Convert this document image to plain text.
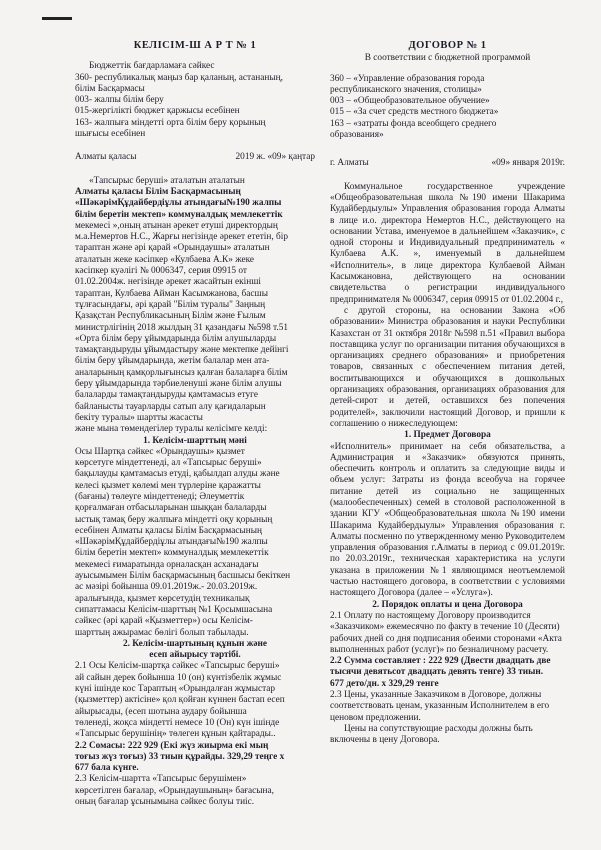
КЕЛІСІМ-Ш А Р Т № 1
Бюджеттік бағдарламаға сәйкес
360- республикалық маңыз бар қаланың, астананың,
білім Басқармасы
003- жалпы білім беру
015-жергілікті бюджет қаржысы есебінен
163- жалпыға міндетті орта білім беру қорының
шығысы есебінен
Алматы қаласы	2019 ж. «09» қаңтар
«Тапсырыс беруші» аталатын аталатын
Алматы қаласы Білім Басқармасының
«ШәкәрімҚұдайбердіұлы атындағы№190 жалпы
білім беретін мектеп» коммуналдық мемлекеттік
мекемесі »,оның атынан әрекет етуші директордың
м.а.Немертов Н.С., Жарғы негізінде әрекет ететін, бір
тараптан және әрі қарай «Орындаушы» аталатын
аталатын жеке кәсіпкер «Кулбаева А.К» жеке
кәсіпкер куәлігі № 0006347, серия 09915 от
01.02.2004ж. негізінде әрекет жасайтын екінші
тараптан, Кулбаева Айман Касымжанова, басшы
тұлғасындағы, әрі қарай "Білім туралы" Заңның
Қазақстан Республикасының Білім және Ғылым
министрлігінің 2018 жылдың 31 қазандағы №598 т.51
«Орта білім беру ұйымдарында білім алушыларды
тамақтандыруды ұйымдастыру және мектепке дейінгі
білім беру ұйымдарында, жетім балалар мен ата-
аналарының қамқорлығынсыз қалған балаларға білім
беру ұйымдарында тәрбиеленуші және білім алушы
балаларды тамақтандыруды қамтамасыз етуге
байланысты тауарларды сатып алу қағидаларын
бекіту туралы» шартты жасасты
және мына төмендегілер туралы келісімге келді:
1. Келісім-шарттың мәні
Осы Шартқа сәйкес «Орындаушы» қызмет
көрсетуге міндеттенеді, ал «Тапсырыс беруші»
бақылауды қамтамасыз етуді, қабылдап алуды және
келесі қызмет көлемі мен түрлеріне қаражатты
(бағаны) төлеуге міндеттенеді; Әлеуметтік
қорғалмаған отбасыларынан шыққан балаларды
ыстық тамақ беру жалпыға міндетті оқу қорының
есебінен Алматы қаласы Білім Басқармасының
«ШәкәрімҚұдайбердіұлы атындағы№190 жалпы
білім беретін мектеп» коммуналдық мемлекеттік
мекемесі ғимаратында орналасқан асханадағы
ауысымымен Білім басқармасының басшысы бекіткен
ас мәзірі бойынша 09.01.2019ж.- 20.03.2019ж.
аралығында, қызмет көрсетудің техникалық
сипаттамасы Келісім-шарттың №1 Қосымшасына
сәйкес (әрі қарай «Қызметтер») осы Келісім-
шарттың ажырамас бөлігі болып табылады.
2. Келісім-шартының құнын және
есеп айырысу тәртібі.
2.1 Осы Келісім-шартқа сәйкес «Тапсырыс беруші»
ай сайын дерек бойынша 10 (он) күнтізбелік жұмыс
күні ішінде кос Тараптың «Орындалған жұмыстар
(қызметтер) актісіне» қол қойған күннен бастап есеп
айырысады, (есеп шотына аудару бойынша
төленеді, жоқса міндетті немесе 10 (Он) күн ішінде
«Тапсырыс берушінің» төлеген құнын қайтарады..
2.2 Сомасы: 222 929 (Екі жүз жиырма екі мың
тоғыз жүз тоғыз) 33 тиын құрайды. 329,29 теңге х
677 бала күнге.
2.3 Келісім-шартта «Тапсырыс берушімен»
көрсетілген бағалар, «Орындаушының» бағасына,
оның бағалар ұсынымына сәйкес болуы тиіс.
ДОГОВОР № 1
В соответствии с бюджетной программой
360 – «Управление образования города
республиканского значения, столицы»
003 – «Общеобразовательное обучение»
015 – «За счет средств местного бюджета»
163 – «затраты фонда всеобщего среднего
образования»
г. Алматы	«09» января 2019г.
Коммунальное государственное учреждение «Общеобразовательная школа №190 имени Шакарима Кудайбердыулы» Управления образования города Алматы в лице и.о. директора Немертов Н.С., действующего на основании Устава, именуемое в дальнейшем «Заказчик», с одной стороны и Индивидуальный предприниматель « Кулбаева А.К. », именуемый в дальнейшем «Исполнитель», в лице директора Кулбаевой Айман Касымжановна, действующего на основании свидетельства о регистрации индивидуального предпринимателя № 0006347, серия 09915 от 01.02.2004 г.,
с другой стороны, на основании Закона «Об образовании» Министра образования и науки Республики Казахстан от 31 октября 2018г №598 п.51 «Правил выбора поставщика услуг по организации питания обучающихся в организациях среднего образования» и приобретения товаров, связанных с обеспечением питания детей, воспитывающихся и обучающихся в дошкольных организациях образования, организациях образования для детей-сирот и детей, оставшихся без попечения родителей», заключили настоящий Договор, и пришли к соглашению о нижеследующем:
1. Предмет Договора
«Исполнитель» принимает на себя обязательства, а Администрация и «Заказчик» обязуются принять, обеспечить контроль и оплатить за следующие виды и объем услуг: Затраты из фонда всеобуча на горячее питание детей из социально не защищенных (малообеспеченных) семей в столовой расположенной в здании КГУ «Общеобразовательная школа №190 имени Шакарима Кудайбердыулы» Управления образования г. Алматы посменно по утвержденному меню Руководителем управления образования г.Алматы в период с 09.01.2019г. по 20.03.2019г., техническая характеристика на услуги указана в приложении №1 являющимся неотъемлемой частью настоящего договора, в соответствии с условиями настоящего Договора (далее – «Услуга»).
2. Порядок оплаты и цена Договора
2.1 Оплату по настоящему Договору производится «Заказчиком» ежемесячно по факту в течение 10 (Десяти) рабочих дней со дня подписания обеими сторонами «Акта выполненных работ (услуг)» по безналичному расчету.
2.2 Сумма составляет : 222 929 (Двести двадцать две тысячи девятьсот двадцать девять тенге) 33 тиын.
677 дето/дн. х 329,29 тенге
2.3 Цены, указанные Заказчиком в Договоре, должны соответствовать ценам, указанным Исполнителем в его ценовом предложении.
Цены на сопутствующие расходы должны быть включены в цену Договора.
